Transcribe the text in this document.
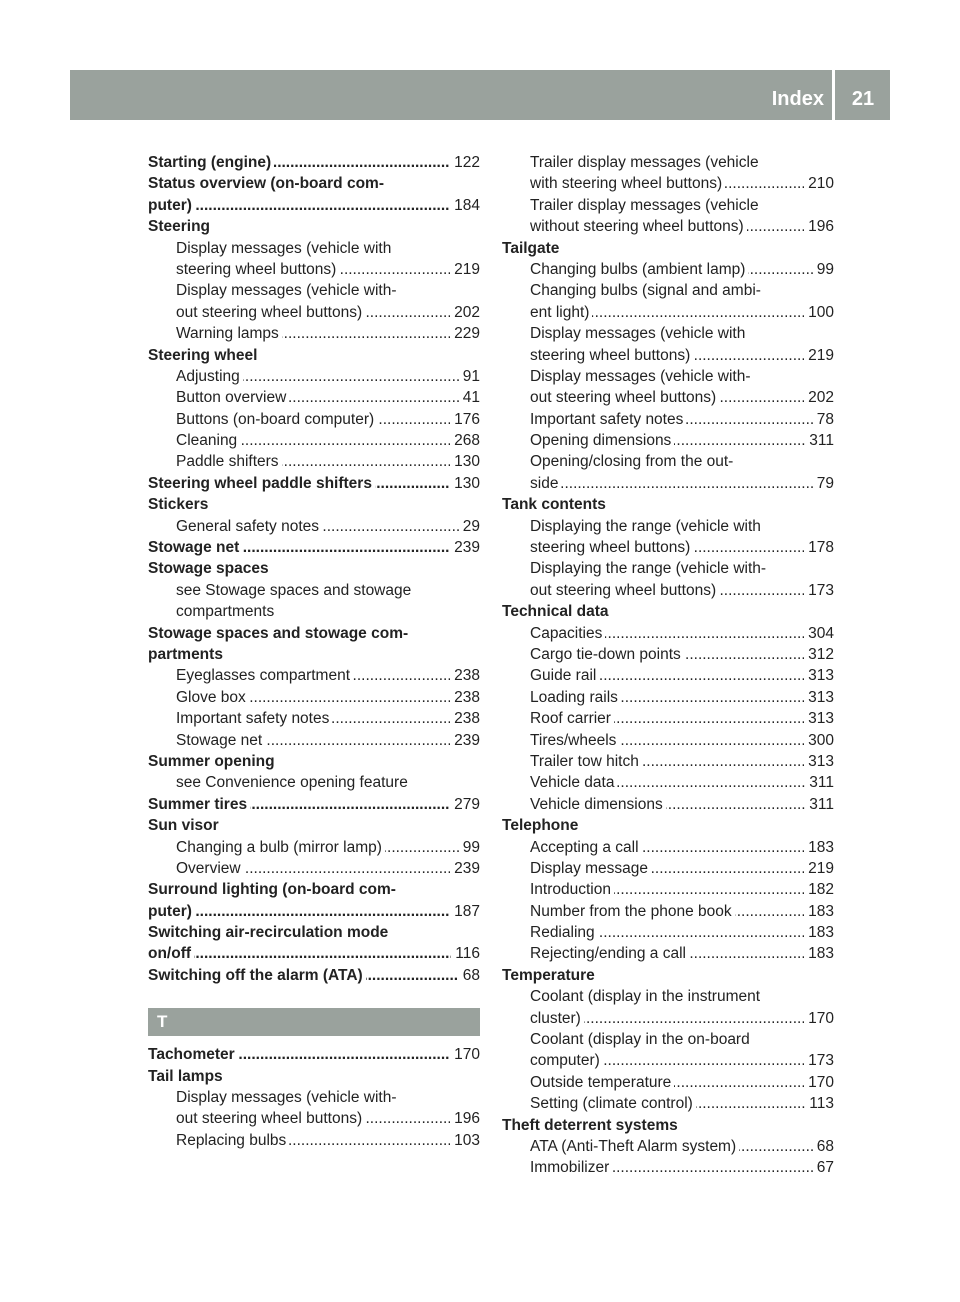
Index	21
Starting (engine)	122
.....
Status overview (on-board com-
puter)	184
.....
Steering
Display messages (vehicle with
steering wheel buttons)	219
.....
Display messages (vehicle with-
out steering wheel buttons)	202
.....
Warning lamps	229
.....
Steering wheel
Adjusting	91
.....
Button overview	41
.....
Buttons (on-board computer)	176
.....
Cleaning	268
.....
Paddle shifters	130
.....
Steering wheel paddle shifters	130
.....
Stickers
General safety notes	29
.....
Stowage net	239
.....
Stowage spaces
see Stowage spaces and stowage
compartments
Stowage spaces and stowage com-
partments
Eyeglasses compartment	238
.....
Glove box	238
.....
Important safety notes	238
.....
Stowage net	239
.....
Summer opening
see Convenience opening feature
Summer tires	279
.....
Sun visor
Changing a bulb (mirror lamp)	99
.....
Overview	239
.....
Surround lighting (on-board com-
puter)	187
.....
Switching air-recirculation mode
on/off	116
.....
Switching off the alarm (ATA)	68
.....
T
Tachometer	170
.....
Tail lamps
Display messages (vehicle with-
out steering wheel buttons)	196
.....
Replacing bulbs	103
.....
Trailer display messages (vehicle
with steering wheel buttons)	210
.....
Trailer display messages (vehicle
without steering wheel buttons)	196
.....
Tailgate
Changing bulbs (ambient lamp)	99
.....
Changing bulbs (signal and ambi-
ent light)	100
.....
Display messages (vehicle with
steering wheel buttons)	219
.....
Display messages (vehicle with-
out steering wheel buttons)	202
.....
Important safety notes	78
.....
Opening dimensions	311
.....
Opening/closing from the out-
side	79
.....
Tank contents
Displaying the range (vehicle with
steering wheel buttons)	178
.....
Displaying the range (vehicle with-
out steering wheel buttons)	173
.....
Technical data
Capacities	304
.....
Cargo tie-down points	312
.....
Guide rail	313
.....
Loading rails	313
.....
Roof carrier	313
.....
Tires/wheels	300
.....
Trailer tow hitch	313
.....
Vehicle data	311
.....
Vehicle dimensions	311
.....
Telephone
Accepting a call	183
.....
Display message	219
.....
Introduction	182
.....
Number from the phone book	183
.....
Redialing	183
.....
Rejecting/ending a call	183
.....
Temperature
Coolant (display in the instrument
cluster)	170
.....
Coolant (display in the on-board
computer)	173
.....
Outside temperature	170
.....
Setting (climate control)	113
.....
Theft deterrent systems
ATA (Anti-Theft Alarm system)	68
.....
Immobilizer	67
.....
